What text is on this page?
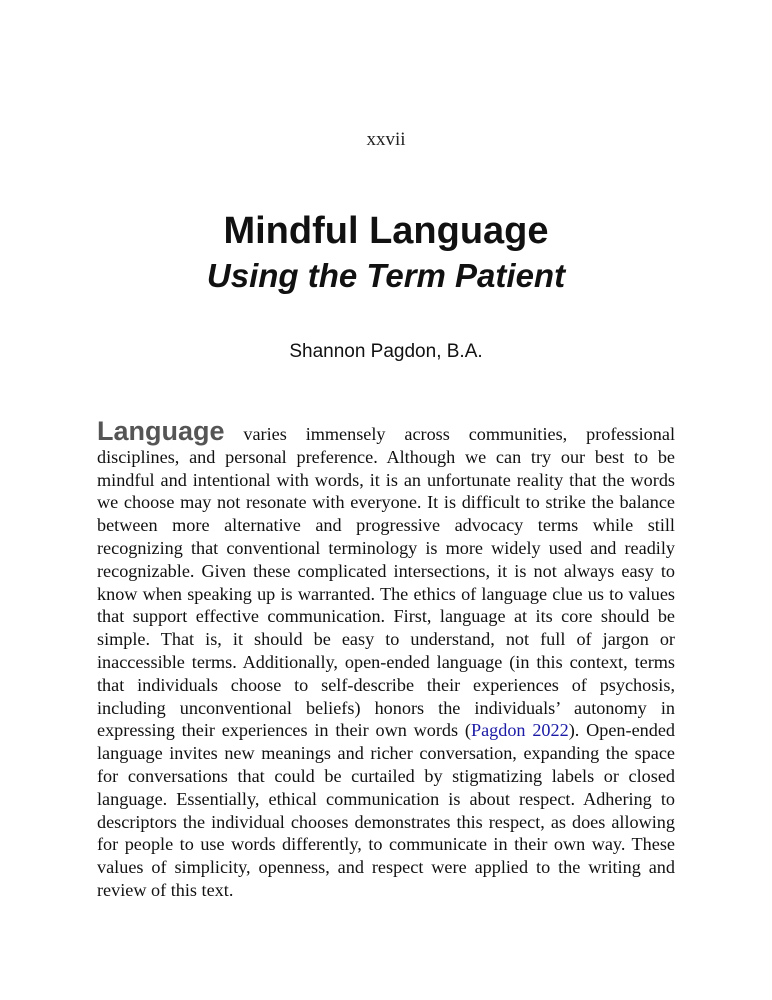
xxvii
Mindful Language
Using the Term Patient
Shannon Pagdon, B.A.

Language varies immensely across communities, professional disciplines, and personal preference. Although we can try our best to be mindful and intentional with words, it is an unfortunate reality that the words we choose may not resonate with everyone. It is difficult to strike the balance between more alternative and progressive advocacy terms while still recognizing that conventional terminology is more widely used and readily recognizable. Given these complicated intersections, it is not always easy to know when speaking up is warranted. The ethics of language clue us to values that support effective communication. First, language at its core should be simple. That is, it should be easy to understand, not full of jargon or inaccessible terms. Additionally, open-ended language (in this context, terms that individuals choose to self-describe their experiences of psychosis, including unconventional beliefs) honors the individuals’ autonomy in expressing their experiences in their own words (Pagdon 2022). Open-ended language invites new meanings and richer conversation, expanding the space for conversations that could be curtailed by stigmatizing labels or closed language. Essentially, ethical communication is about respect. Adhering to descriptors the individual chooses demonstrates this respect, as does allowing for people to use words differently, to communicate in their own way. These values of simplicity, openness, and respect were applied to the writing and review of this text.
